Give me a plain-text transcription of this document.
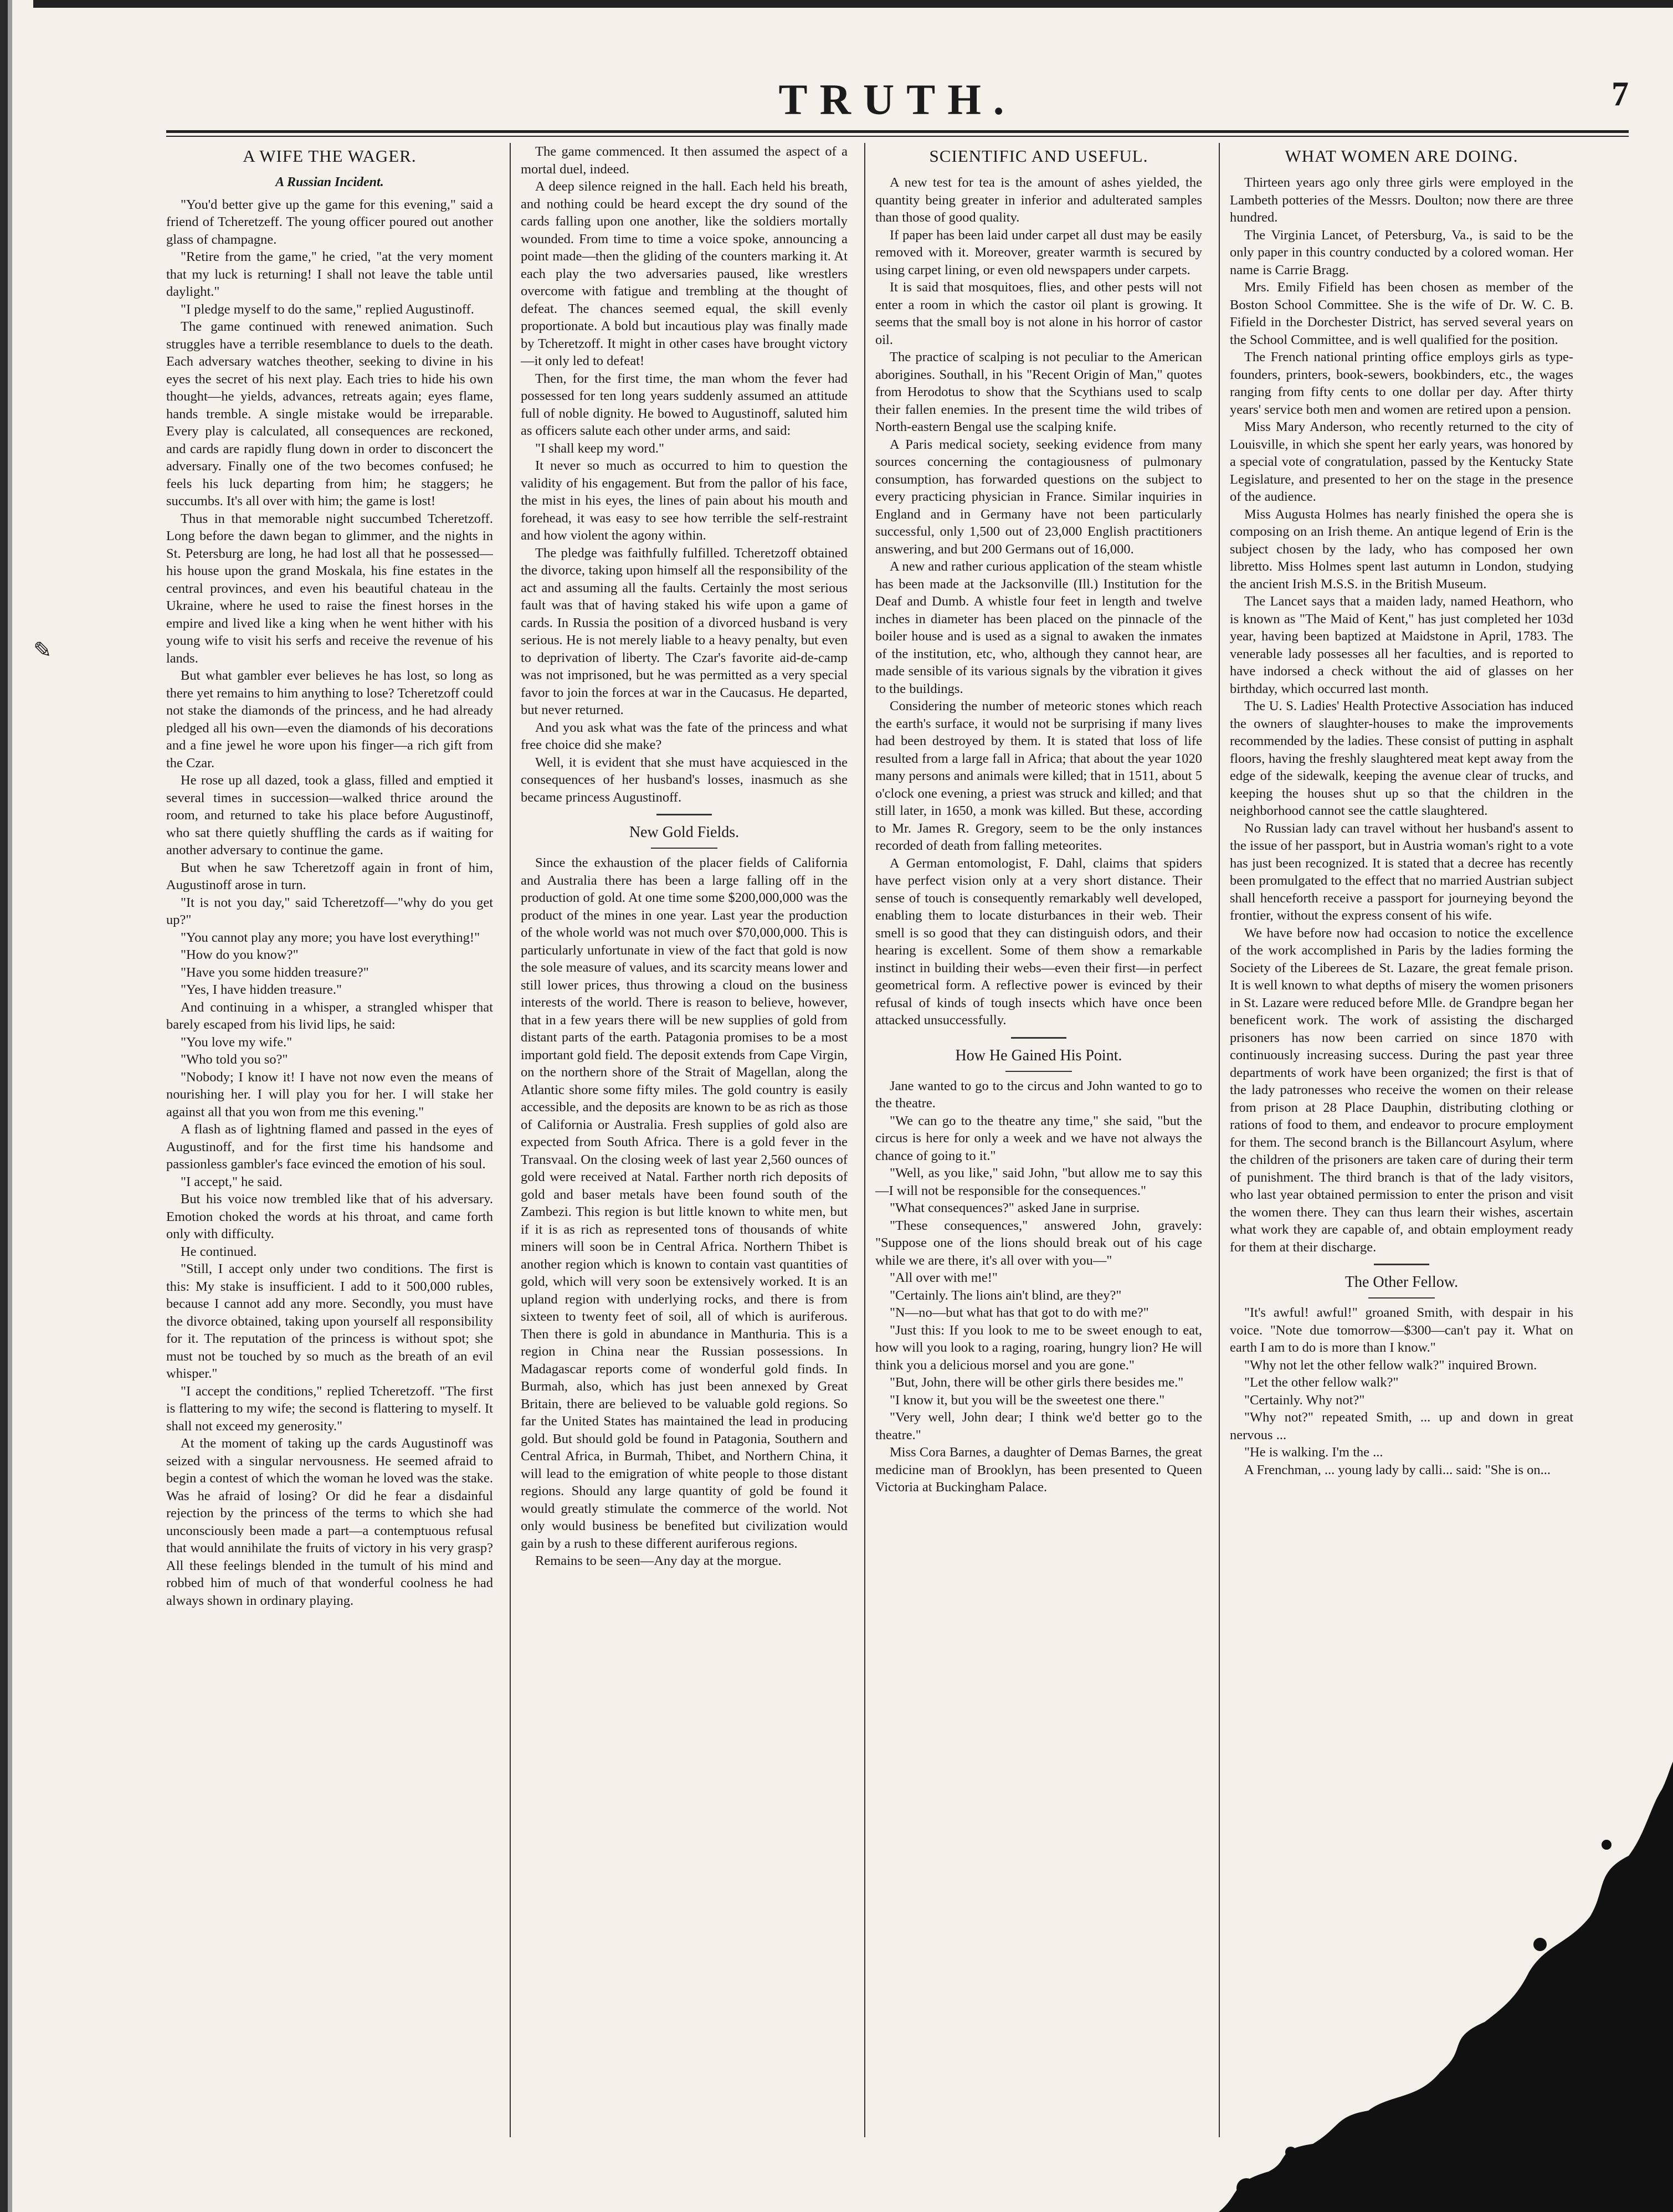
✎
TRUTH.	7
A WIFE THE WAGER.
A Russian Incident.

"You'd better give up the game for this evening," said a friend of Tcheretzeff. The young officer poured out another glass of champagne.

"Retire from the game," he cried, "at the very moment that my luck is returning! I shall not leave the table until daylight."

"I pledge myself to do the same," replied Augustinoff.

The game continued with renewed animation. Such struggles have a terrible resemblance to duels to the death. Each adversary watches theother, seeking to divine in his eyes the secret of his next play. Each tries to hide his own thought—he yields, advances, retreats again; eyes flame, hands tremble. A single mistake would be irreparable. Every play is calculated, all consequences are reckoned, and cards are rapidly flung down in order to disconcert the adversary. Finally one of the two becomes confused; he feels his luck departing from him; he staggers; he succumbs. It's all over with him; the game is lost!

Thus in that memorable night succumbed Tcheretzoff. Long before the dawn began to glimmer, and the nights in St. Petersburg are long, he had lost all that he possessed—his house upon the grand Moskala, his fine estates in the central provinces, and even his beautiful chateau in the Ukraine, where he used to raise the finest horses in the empire and lived like a king when he went hither with his young wife to visit his serfs and receive the revenue of his lands.

But what gambler ever believes he has lost, so long as there yet remains to him anything to lose? Tcheretzoff could not stake the diamonds of the princess, and he had already pledged all his own—even the diamonds of his decorations and a fine jewel he wore upon his finger—a rich gift from the Czar.

He rose up all dazed, took a glass, filled and emptied it several times in succession—walked thrice around the room, and returned to take his place before Augustinoff, who sat there quietly shuffling the cards as if waiting for another adversary to continue the game.

But when he saw Tcheretzoff again in front of him, Augustinoff arose in turn.

"It is not you day," said Tcheretzoff—"why do you get up?"

"You cannot play any more; you have lost everything!"

"How do you know?"

"Have you some hidden treasure?"

"Yes, I have hidden treasure."

And continuing in a whisper, a strangled whisper that barely escaped from his livid lips, he said:

"You love my wife."

"Who told you so?"

"Nobody; I know it! I have not now even the means of nourishing her. I will play you for her. I will stake her against all that you won from me this evening."

A flash as of lightning flamed and passed in the eyes of Augustinoff, and for the first time his handsome and passionless gambler's face evinced the emotion of his soul.

"I accept," he said.

But his voice now trembled like that of his adversary. Emotion choked the words at his throat, and came forth only with difficulty.

He continued.

"Still, I accept only under two conditions. The first is this: My stake is insufficient. I add to it 500,000 rubles, because I cannot add any more. Secondly, you must have the divorce obtained, taking upon yourself all responsibility for it. The reputation of the princess is without spot; she must not be touched by so much as the breath of an evil whisper."

"I accept the conditions," replied Tcheretzoff. "The first is flattering to my wife; the second is flattering to myself. It shall not exceed my generosity."

At the moment of taking up the cards Augustinoff was seized with a singular nervousness. He seemed afraid to begin a contest of which the woman he loved was the stake. Was he afraid of losing? Or did he fear a disdainful rejection by the princess of the terms to which she had unconsciously been made a part—a contemptuous refusal that would annihilate the fruits of victory in his very grasp? All these feelings blended in the tumult of his mind and robbed him of much of that wonderful coolness he had always shown in ordinary playing.

The game commenced. It then assumed the aspect of a mortal duel, indeed.

A deep silence reigned in the hall. Each held his breath, and nothing could be heard except the dry sound of the cards falling upon one another, like the soldiers mortally wounded. From time to time a voice spoke, announcing a point made—then the gliding of the counters marking it. At each play the two adversaries paused, like wrestlers overcome with fatigue and trembling at the thought of defeat. The chances seemed equal, the skill evenly proportionate. A bold but incautious play was finally made by Tcheretzoff. It might in other cases have brought victory—it only led to defeat!

Then, for the first time, the man whom the fever had possessed for ten long years suddenly assumed an attitude full of noble dignity. He bowed to Augustinoff, saluted him as officers salute each other under arms, and said:

"I shall keep my word."

It never so much as occurred to him to question the validity of his engagement. But from the pallor of his face, the mist in his eyes, the lines of pain about his mouth and forehead, it was easy to see how terrible the self-restraint and how violent the agony within.

The pledge was faithfully fulfilled. Tcheretzoff obtained the divorce, taking upon himself all the responsibility of the act and assuming all the faults. Certainly the most serious fault was that of having staked his wife upon a game of cards. In Russia the position of a divorced husband is very serious. He is not merely liable to a heavy penalty, but even to deprivation of liberty. The Czar's favorite aid-de-camp was not imprisoned, but he was permitted as a very special favor to join the forces at war in the Caucasus. He departed, but never returned.

And you ask what was the fate of the princess and what free choice did she make?

Well, it is evident that she must have acquiesced in the consequences of her husband's losses, inasmuch as she became princess Augustinoff.

New Gold Fields.

Since the exhaustion of the placer fields of California and Australia there has been a large falling off in the production of gold. At one time some $200,000,000 was the product of the mines in one year. Last year the production of the whole world was not much over $70,000,000. This is particularly unfortunate in view of the fact that gold is now the sole measure of values, and its scarcity means lower and still lower prices, thus throwing a cloud on the business interests of the world. There is reason to believe, however, that in a few years there will be new supplies of gold from distant parts of the earth. Patagonia promises to be a most important gold field. The deposit extends from Cape Virgin, on the northern shore of the Strait of Magellan, along the Atlantic shore some fifty miles. The gold country is easily accessible, and the deposits are known to be as rich as those of California or Australia. Fresh supplies of gold also are expected from South Africa. There is a gold fever in the Transvaal. On the closing week of last year 2,560 ounces of gold were received at Natal. Farther north rich deposits of gold and baser metals have been found south of the Zambezi. This region is but little known to white men, but if it is as rich as represented tons of thousands of white miners will soon be in Central Africa. Northern Thibet is another region which is known to contain vast quantities of gold, which will very soon be extensively worked. It is an upland region with underlying rocks, and there is from sixteen to twenty feet of soil, all of which is auriferous. Then there is gold in abundance in Manthuria. This is a region in China near the Russian possessions. In Madagascar reports come of wonderful gold finds. In Burmah, also, which has just been annexed by Great Britain, there are believed to be valuable gold regions. So far the United States has maintained the lead in producing gold. But should gold be found in Patagonia, Southern and Central Africa, in Burmah, Thibet, and Northern China, it will lead to the emigration of white people to those distant regions. Should any large quantity of gold be found it would greatly stimulate the commerce of the world. Not only would business be benefited but civilization would gain by a rush to these different auriferous regions.

Remains to be seen—Any day at the morgue.

SCIENTIFIC AND USEFUL.

A new test for tea is the amount of ashes yielded, the quantity being greater in inferior and adulterated samples than those of good quality.

If paper has been laid under carpet all dust may be easily removed with it. Moreover, greater warmth is secured by using carpet lining, or even old newspapers under carpets.

It is said that mosquitoes, flies, and other pests will not enter a room in which the castor oil plant is growing. It seems that the small boy is not alone in his horror of castor oil.

The practice of scalping is not peculiar to the American aborigines. Southall, in his "Recent Origin of Man," quotes from Herodotus to show that the Scythians used to scalp their fallen enemies. In the present time the wild tribes of North-eastern Bengal use the scalping knife.

A Paris medical society, seeking evidence from many sources concerning the contagiousness of pulmonary consumption, has forwarded questions on the subject to every practicing physician in France. Similar inquiries in England and in Germany have not been particularly successful, only 1,500 out of 23,000 English practitioners answering, and but 200 Germans out of 16,000.

A new and rather curious application of the steam whistle has been made at the Jacksonville (Ill.) Institution for the Deaf and Dumb. A whistle four feet in length and twelve inches in diameter has been placed on the pinnacle of the boiler house and is used as a signal to awaken the inmates of the institution, etc, who, although they cannot hear, are made sensible of its various signals by the vibration it gives to the buildings.

Considering the number of meteoric stones which reach the earth's surface, it would not be surprising if many lives had been destroyed by them. It is stated that loss of life resulted from a large fall in Africa; that about the year 1020 many persons and animals were killed; that in 1511, about 5 o'clock one evening, a priest was struck and killed; and that still later, in 1650, a monk was killed. But these, according to Mr. James R. Gregory, seem to be the only instances recorded of death from falling meteorites.

A German entomologist, F. Dahl, claims that spiders have perfect vision only at a very short distance. Their sense of touch is consequently remarkably well developed, enabling them to locate disturbances in their web. Their smell is so good that they can distinguish odors, and their hearing is excellent. Some of them show a remarkable instinct in building their webs—even their first—in perfect geometrical form. A reflective power is evinced by their refusal of kinds of tough insects which have once been attacked unsuccessfully.

How He Gained His Point.

Jane wanted to go to the circus and John wanted to go to the theatre.

"We can go to the theatre any time," she said, "but the circus is here for only a week and we have not always the chance of going to it."

"Well, as you like," said John, "but allow me to say this—I will not be responsible for the consequences."

"What consequences?" asked Jane in surprise.

"These consequences," answered John, gravely: "Suppose one of the lions should break out of his cage while we are there, it's all over with you—"

"All over with me!"

"Certainly. The lions ain't blind, are they?"

"N—no—but what has that got to do with me?"

"Just this: If you look to me to be sweet enough to eat, how will you look to a raging, roaring, hungry lion? He will think you a delicious morsel and you are gone."

"But, John, there will be other girls there besides me."

"I know it, but you will be the sweetest one there."

"Very well, John dear; I think we'd better go to the theatre."

Miss Cora Barnes, a daughter of Demas Barnes, the great medicine man of Brooklyn, has been presented to Queen Victoria at Buckingham Palace.

WHAT WOMEN ARE DOING.

Thirteen years ago only three girls were employed in the Lambeth potteries of the Messrs. Doulton; now there are three hundred.

The Virginia Lancet, of Petersburg, Va., is said to be the only paper in this country conducted by a colored woman. Her name is Carrie Bragg.

Mrs. Emily Fifield has been chosen as member of the Boston School Committee. She is the wife of Dr. W. C. B. Fifield in the Dorchester District, has served several years on the School Committee, and is well qualified for the position.

The French national printing office employs girls as type-founders, printers, book-sewers, bookbinders, etc., the wages ranging from fifty cents to one dollar per day. After thirty years' service both men and women are retired upon a pension.

Miss Mary Anderson, who recently returned to the city of Louisville, in which she spent her early years, was honored by a special vote of congratulation, passed by the Kentucky State Legislature, and presented to her on the stage in the presence of the audience.

Miss Augusta Holmes has nearly finished the opera she is composing on an Irish theme. An antique legend of Erin is the subject chosen by the lady, who has composed her own libretto. Miss Holmes spent last autumn in London, studying the ancient Irish M.S.S. in the British Museum.

The Lancet says that a maiden lady, named Heathorn, who is known as "The Maid of Kent," has just completed her 103d year, having been baptized at Maidstone in April, 1783. The venerable lady possesses all her faculties, and is reported to have indorsed a check without the aid of glasses on her birthday, which occurred last month.

The U. S. Ladies' Health Protective Association has induced the owners of slaughter-houses to make the improvements recommended by the ladies. These consist of putting in asphalt floors, having the freshly slaughtered meat kept away from the edge of the sidewalk, keeping the avenue clear of trucks, and keeping the houses shut up so that the children in the neighborhood cannot see the cattle slaughtered.

No Russian lady can travel without her husband's assent to the issue of her passport, but in Austria woman's right to a vote has just been recognized. It is stated that a decree has recently been promulgated to the effect that no married Austrian subject shall henceforth receive a passport for journeying beyond the frontier, without the express consent of his wife.

We have before now had occasion to notice the excellence of the work accomplished in Paris by the ladies forming the Society of the Liberees de St. Lazare, the great female prison. It is well known to what depths of misery the women prisoners in St. Lazare were reduced before Mlle. de Grandpre began her beneficent work. The work of assisting the discharged prisoners has now been carried on since 1870 with continuously increasing success. During the past year three departments of work have been organized; the first is that of the lady patronesses who receive the women on their release from prison at 28 Place Dauphin, distributing clothing or rations of food to them, and endeavor to procure employment for them. The second branch is the Billancourt Asylum, where the children of the prisoners are taken care of during their term of punishment. The third branch is that of the lady visitors, who last year obtained permission to enter the prison and visit the women there. They can thus learn their wishes, ascertain what work they are capable of, and obtain employment ready for them at their discharge.

The Other Fellow.

"It's awful! awful!" groaned Smith, with despair in his voice. "Note due tomorrow—$300—can't pay it. What on earth I am to do is more than I know."

"Why not let the other fellow walk?" inquired Brown.

"Let the other fellow walk?"

"Certainly. Why not?"

"Why not?" repeated Smith, ... up and down in great nervous ...

"He is walking. I'm the ...

A Frenchman, ... young lady by calli... said: "She is on...
